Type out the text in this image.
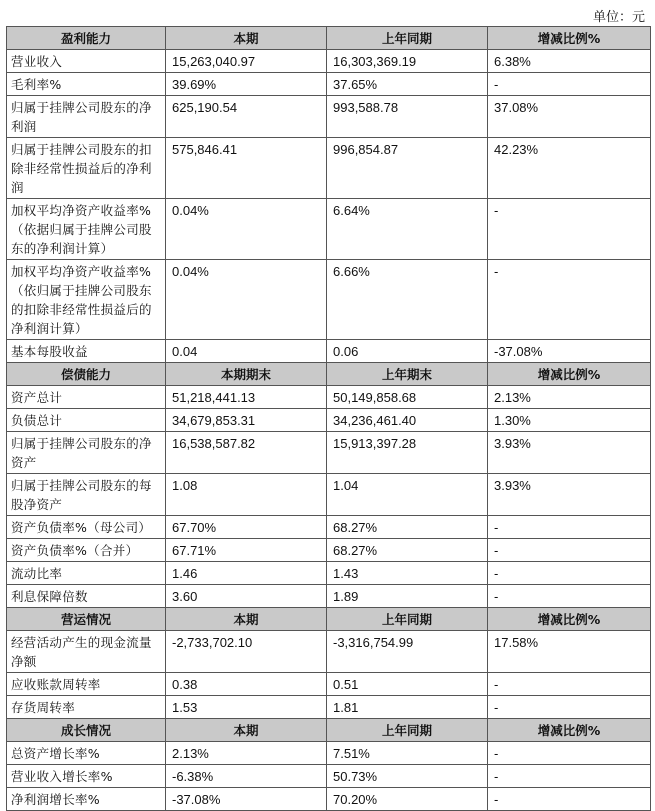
单位：元
盈利能力	本期	上年同期	增减比例%
营业收入	15,263,040.97	16,303,369.19	6.38%
毛利率%	39.69%	37.65%	-
归属于挂牌公司股东的净利润	625,190.54	993,588.78	37.08%
归属于挂牌公司股东的扣除非经常性损益后的净利润	575,846.41	996,854.87	42.23%
加权平均净资产收益率%（依据归属于挂牌公司股东的净利润计算）	0.04%	6.64%	-
加权平均净资产收益率%（依归属于挂牌公司股东的扣除非经常性损益后的净利润计算）	0.04%	6.66%	-
基本每股收益	0.04	0.06	-37.08%
偿债能力	本期期末	上年期末	增减比例%
资产总计	51,218,441.13	50,149,858.68	2.13%
负债总计	34,679,853.31	34,236,461.40	1.30%
归属于挂牌公司股东的净资产	16,538,587.82	15,913,397.28	3.93%
归属于挂牌公司股东的每股净资产	1.08	1.04	3.93%
资产负债率%（母公司）	67.70%	68.27%	-
资产负债率%（合并）	67.71%	68.27%	-
流动比率	1.46	1.43	-
利息保障倍数	3.60	1.89	-
营运情况	本期	上年同期	增减比例%
经营活动产生的现金流量净额	-2,733,702.10	-3,316,754.99	17.58%
应收账款周转率	0.38	0.51	-
存货周转率	1.53	1.81	-
成长情况	本期	上年同期	增减比例%
总资产增长率%	2.13%	7.51%	-
营业收入增长率%	-6.38%	50.73%	-
净利润增长率%	-37.08%	70.20%	-
